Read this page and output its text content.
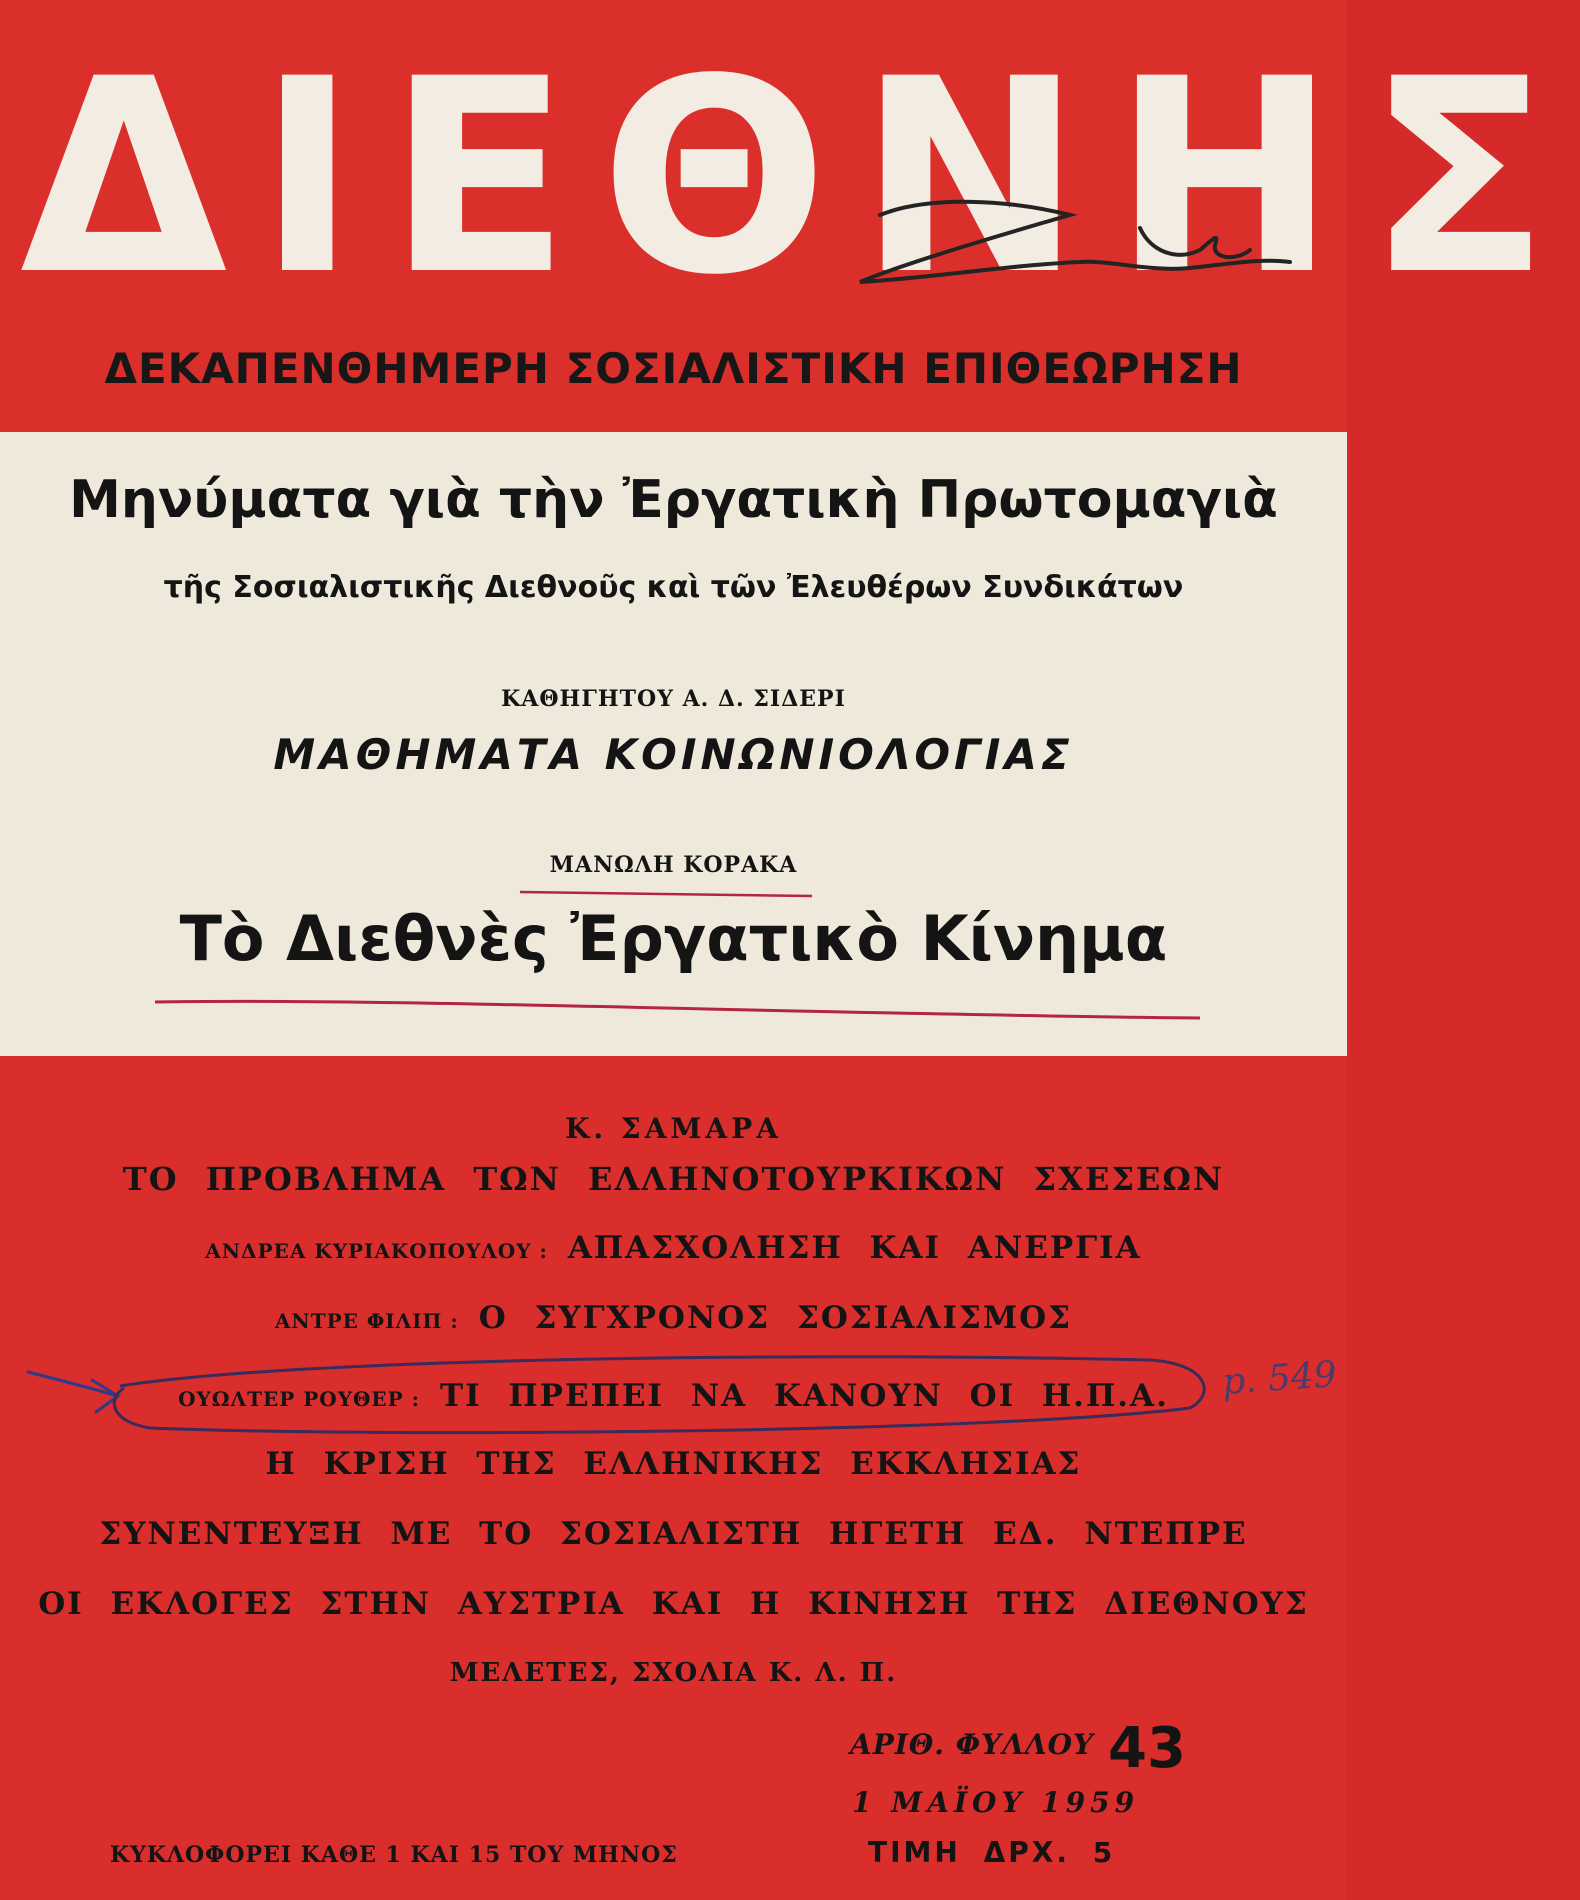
ΔΙΕΘΝΗΣ
ΔΕΚΑΠΕΝΘΗΜΕΡΗ ΣΟΣΙΑΛΙΣΤΙΚΗ ΕΠΙΘΕΩΡΗΣΗ
Μηνύματα γιὰ τὴν Ἐργατικὴ Πρωτομαγιὰ
τῆς Σοσιαλιστικῆς Διεθνοῦς καὶ τῶν Ἐλευθέρων Συνδικάτων
ΚΑΘΗΓΗΤΟΥ Α. Δ. ΣΙΔΕΡΙ
ΜΑΘΗΜΑΤΑ ΚΟΙΝΩΝΙΟΛΟΓΙΑΣ
ΜΑΝΩΛΗ ΚΟΡΑΚΑ
Τὸ Διεθνὲς Ἐργατικὸ Κίνημα
Κ. ΣΑΜΑΡΑ
ΤΟ ΠΡΟΒΛΗΜΑ ΤΩΝ ΕΛΛΗΝΟΤΟΥΡΚΙΚΩΝ ΣΧΕΣΕΩΝ
ΑΝΔΡΕΑ ΚΥΡΙΑΚΟΠΟΥΛΟΥ : ΑΠΑΣΧΟΛΗΣΗ ΚΑΙ ΑΝΕΡΓΙΑ
ΑΝΤΡΕ ΦΙΛΙΠ : Ο ΣΥΓΧΡΟΝΟΣ ΣΟΣΙΑΛΙΣΜΟΣ
ΟΥΩΛΤΕΡ ΡΟΥΘΕΡ : ΤΙ ΠΡΕΠΕΙ ΝΑ ΚΑΝΟΥΝ ΟΙ Η.Π.Α.
Η ΚΡΙΣΗ ΤΗΣ ΕΛΛΗΝΙΚΗΣ ΕΚΚΛΗΣΙΑΣ
ΣΥΝΕΝΤΕΥΞΗ ΜΕ ΤΟ ΣΟΣΙΑΛΙΣΤΗ ΗΓΕΤΗ ΕΔ. ΝΤΕΠΡΕ
ΟΙ ΕΚΛΟΓΕΣ ΣΤΗΝ ΑΥΣΤΡΙΑ ΚΑΙ Η ΚΙΝΗΣΗ ΤΗΣ ΔΙΕΘΝΟΥΣ
ΜΕΛΕΤΕΣ, ΣΧΟΛΙΑ Κ. Λ. Π.
ΑΡΙΘ. ΦΥΛΛΟΥ 43
1 ΜΑΪΟΥ 1959
ΤΙΜΗ ΔΡΧ. 5
ΚΥΚΛΟΦΟΡΕΙ ΚΑΘΕ 1 ΚΑΙ 15 ΤΟΥ ΜΗΝΟΣ
p. 549
